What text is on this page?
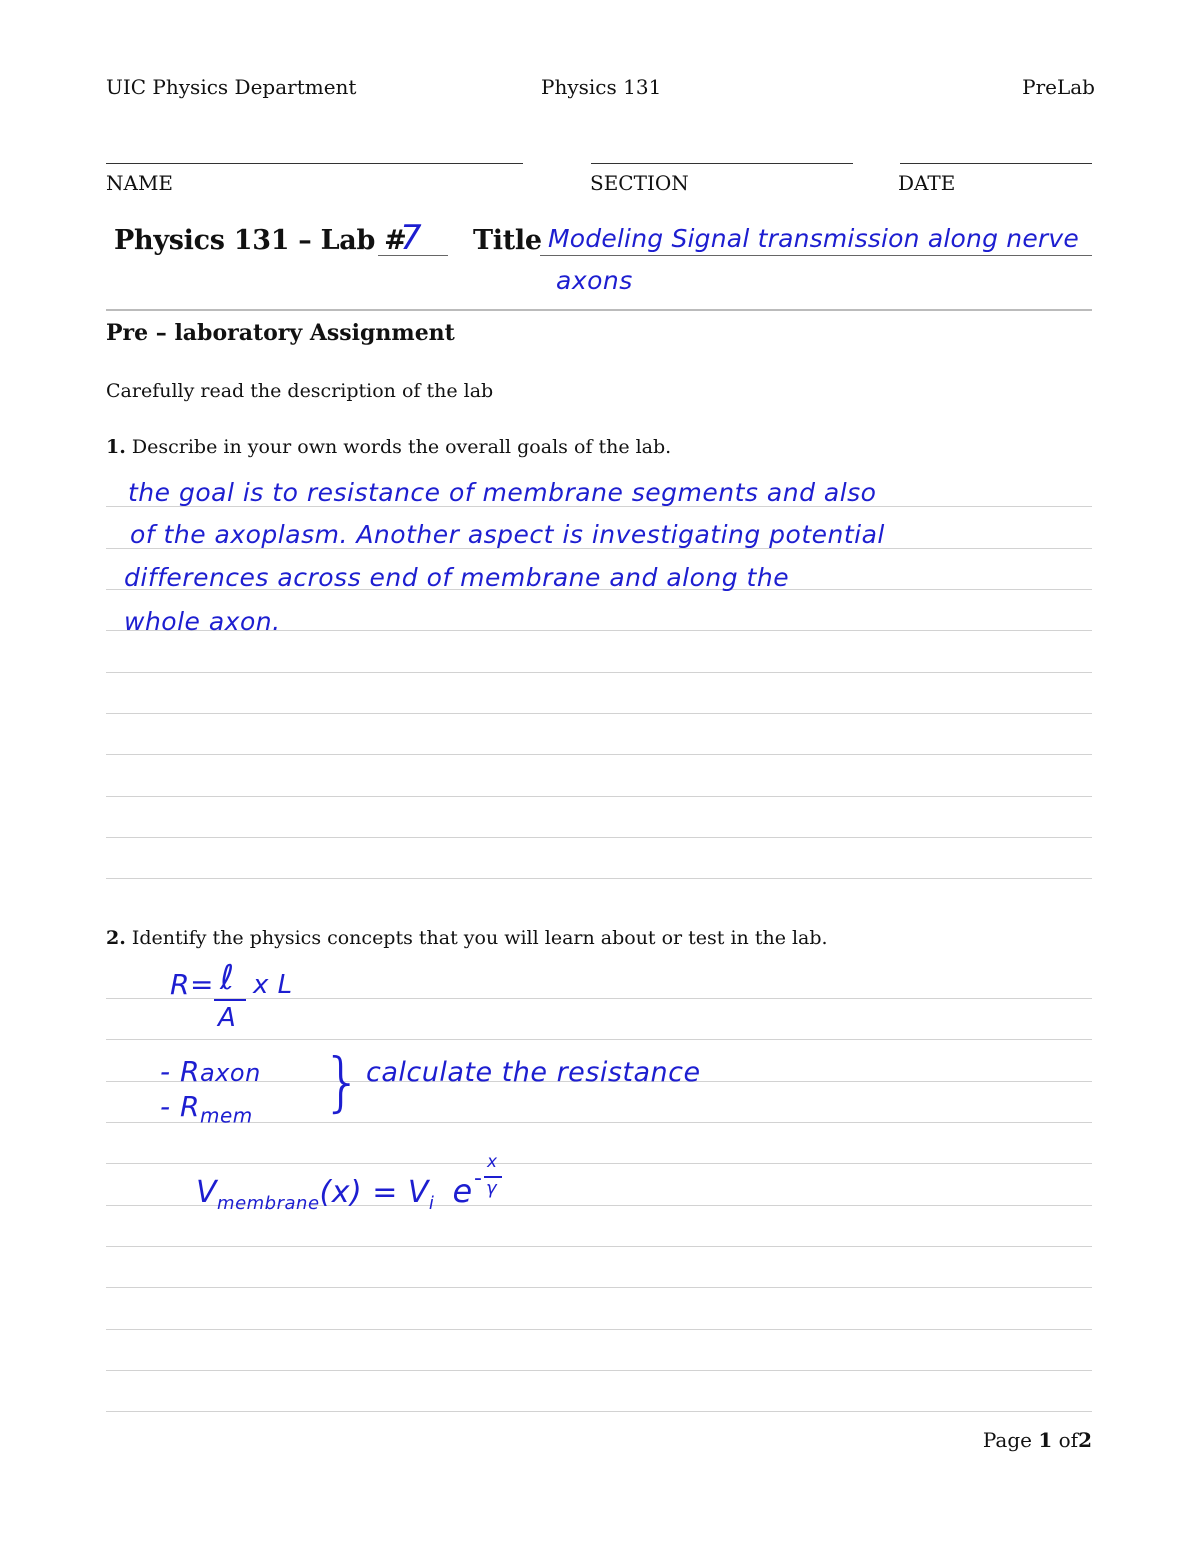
UIC Physics Department	Physics 131	PreLab
NAME	SECTION	DATE
Physics 131 – Lab #
7 Title Modeling Signal transmission along nerve
axons
Pre – laboratory Assignment
Carefully read the description of the lab
1. Describe in your own words the overall goals of the lab.
the goal is to resistance of membrane segments and also
of the axoplasm. Another aspect is investigating potential
differences across end of membrane and along the
whole axon.
2. Identify the physics concepts that you will learn about or test in the lab.
R= ℓ x L
A
- Raxon
- $R_{mem}$ } calculate the resistance
$V_{membrane}(x) = V_i$ e -
x
γ
Page 1 of2
